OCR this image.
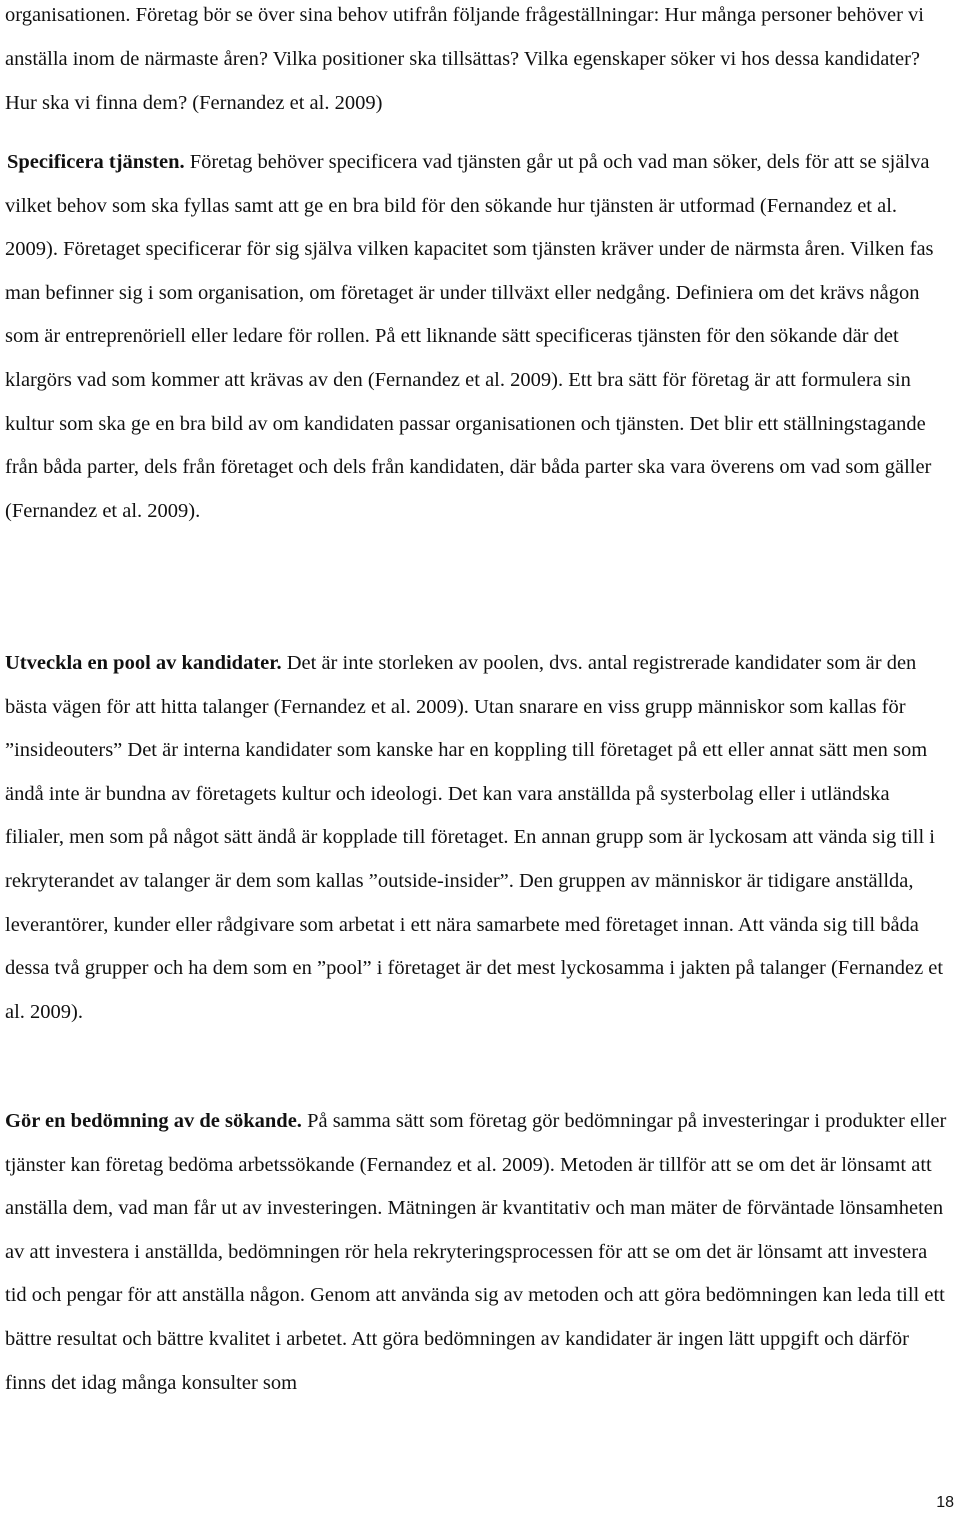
organisationen. Företag bör se över sina behov utifrån följande frågeställningar: Hur många personer behöver vi anställa inom de närmaste åren? Vilka positioner ska tillsättas? Vilka egenskaper söker vi hos dessa kandidater? Hur ska vi finna dem? (Fernandez et al. 2009)

Specificera tjänsten. Företag behöver specificera vad tjänsten går ut på och vad man söker, dels för att se själva vilket behov som ska fyllas samt att ge en bra bild för den sökande hur tjänsten är utformad (Fernandez et al. 2009). Företaget specificerar för sig själva vilken kapacitet som tjänsten kräver under de närmsta åren. Vilken fas man befinner sig i som organisation, om företaget är under tillväxt eller nedgång. Definiera om det krävs någon som är entreprenöriell eller ledare för rollen. På ett liknande sätt specificeras tjänsten för den sökande där det klargörs vad som kommer att krävas av den (Fernandez et al. 2009). Ett bra sätt för företag är att formulera sin kultur som ska ge en bra bild av om kandidaten passar organisationen och tjänsten. Det blir ett ställningstagande från båda parter, dels från företaget och dels från kandidaten, där båda parter ska vara överens om vad som gäller (Fernandez et al. 2009).

Utveckla en pool av kandidater. Det är inte storleken av poolen, dvs. antal registrerade kandidater som är den bästa vägen för att hitta talanger (Fernandez et al. 2009). Utan snarare en viss grupp människor som kallas för ”insideouters” Det är interna kandidater som kanske har en koppling till företaget på ett eller annat sätt men som ändå inte är bundna av företagets kultur och ideologi. Det kan vara anställda på systerbolag eller i utländska filialer, men som på något sätt ändå är kopplade till företaget. En annan grupp som är lyckosam att vända sig till i rekryterandet av talanger är dem som kallas ”outside-insider”. Den gruppen av människor är tidigare anställda, leverantörer, kunder eller rådgivare som arbetat i ett nära samarbete med företaget innan. Att vända sig till båda dessa två grupper och ha dem som en ”pool” i företaget är det mest lyckosamma i jakten på talanger (Fernandez et al. 2009).

Gör en bedömning av de sökande. På samma sätt som företag gör bedömningar på investeringar i produkter eller tjänster kan företag bedöma arbetssökande (Fernandez et al. 2009). Metoden är tillför att se om det är lönsamt att anställa dem, vad man får ut av investeringen. Mätningen är kvantitativ och man mäter de förväntade lönsamheten av att investera i anställda, bedömningen rör hela rekryteringsprocessen för att se om det är lönsamt att investera tid och pengar för att anställa någon. Genom att använda sig av metoden och att göra bedömningen kan leda till ett bättre resultat och bättre kvalitet i arbetet. Att göra bedömningen av kandidater är ingen lätt uppgift och därför finns det idag många konsulter som

18
